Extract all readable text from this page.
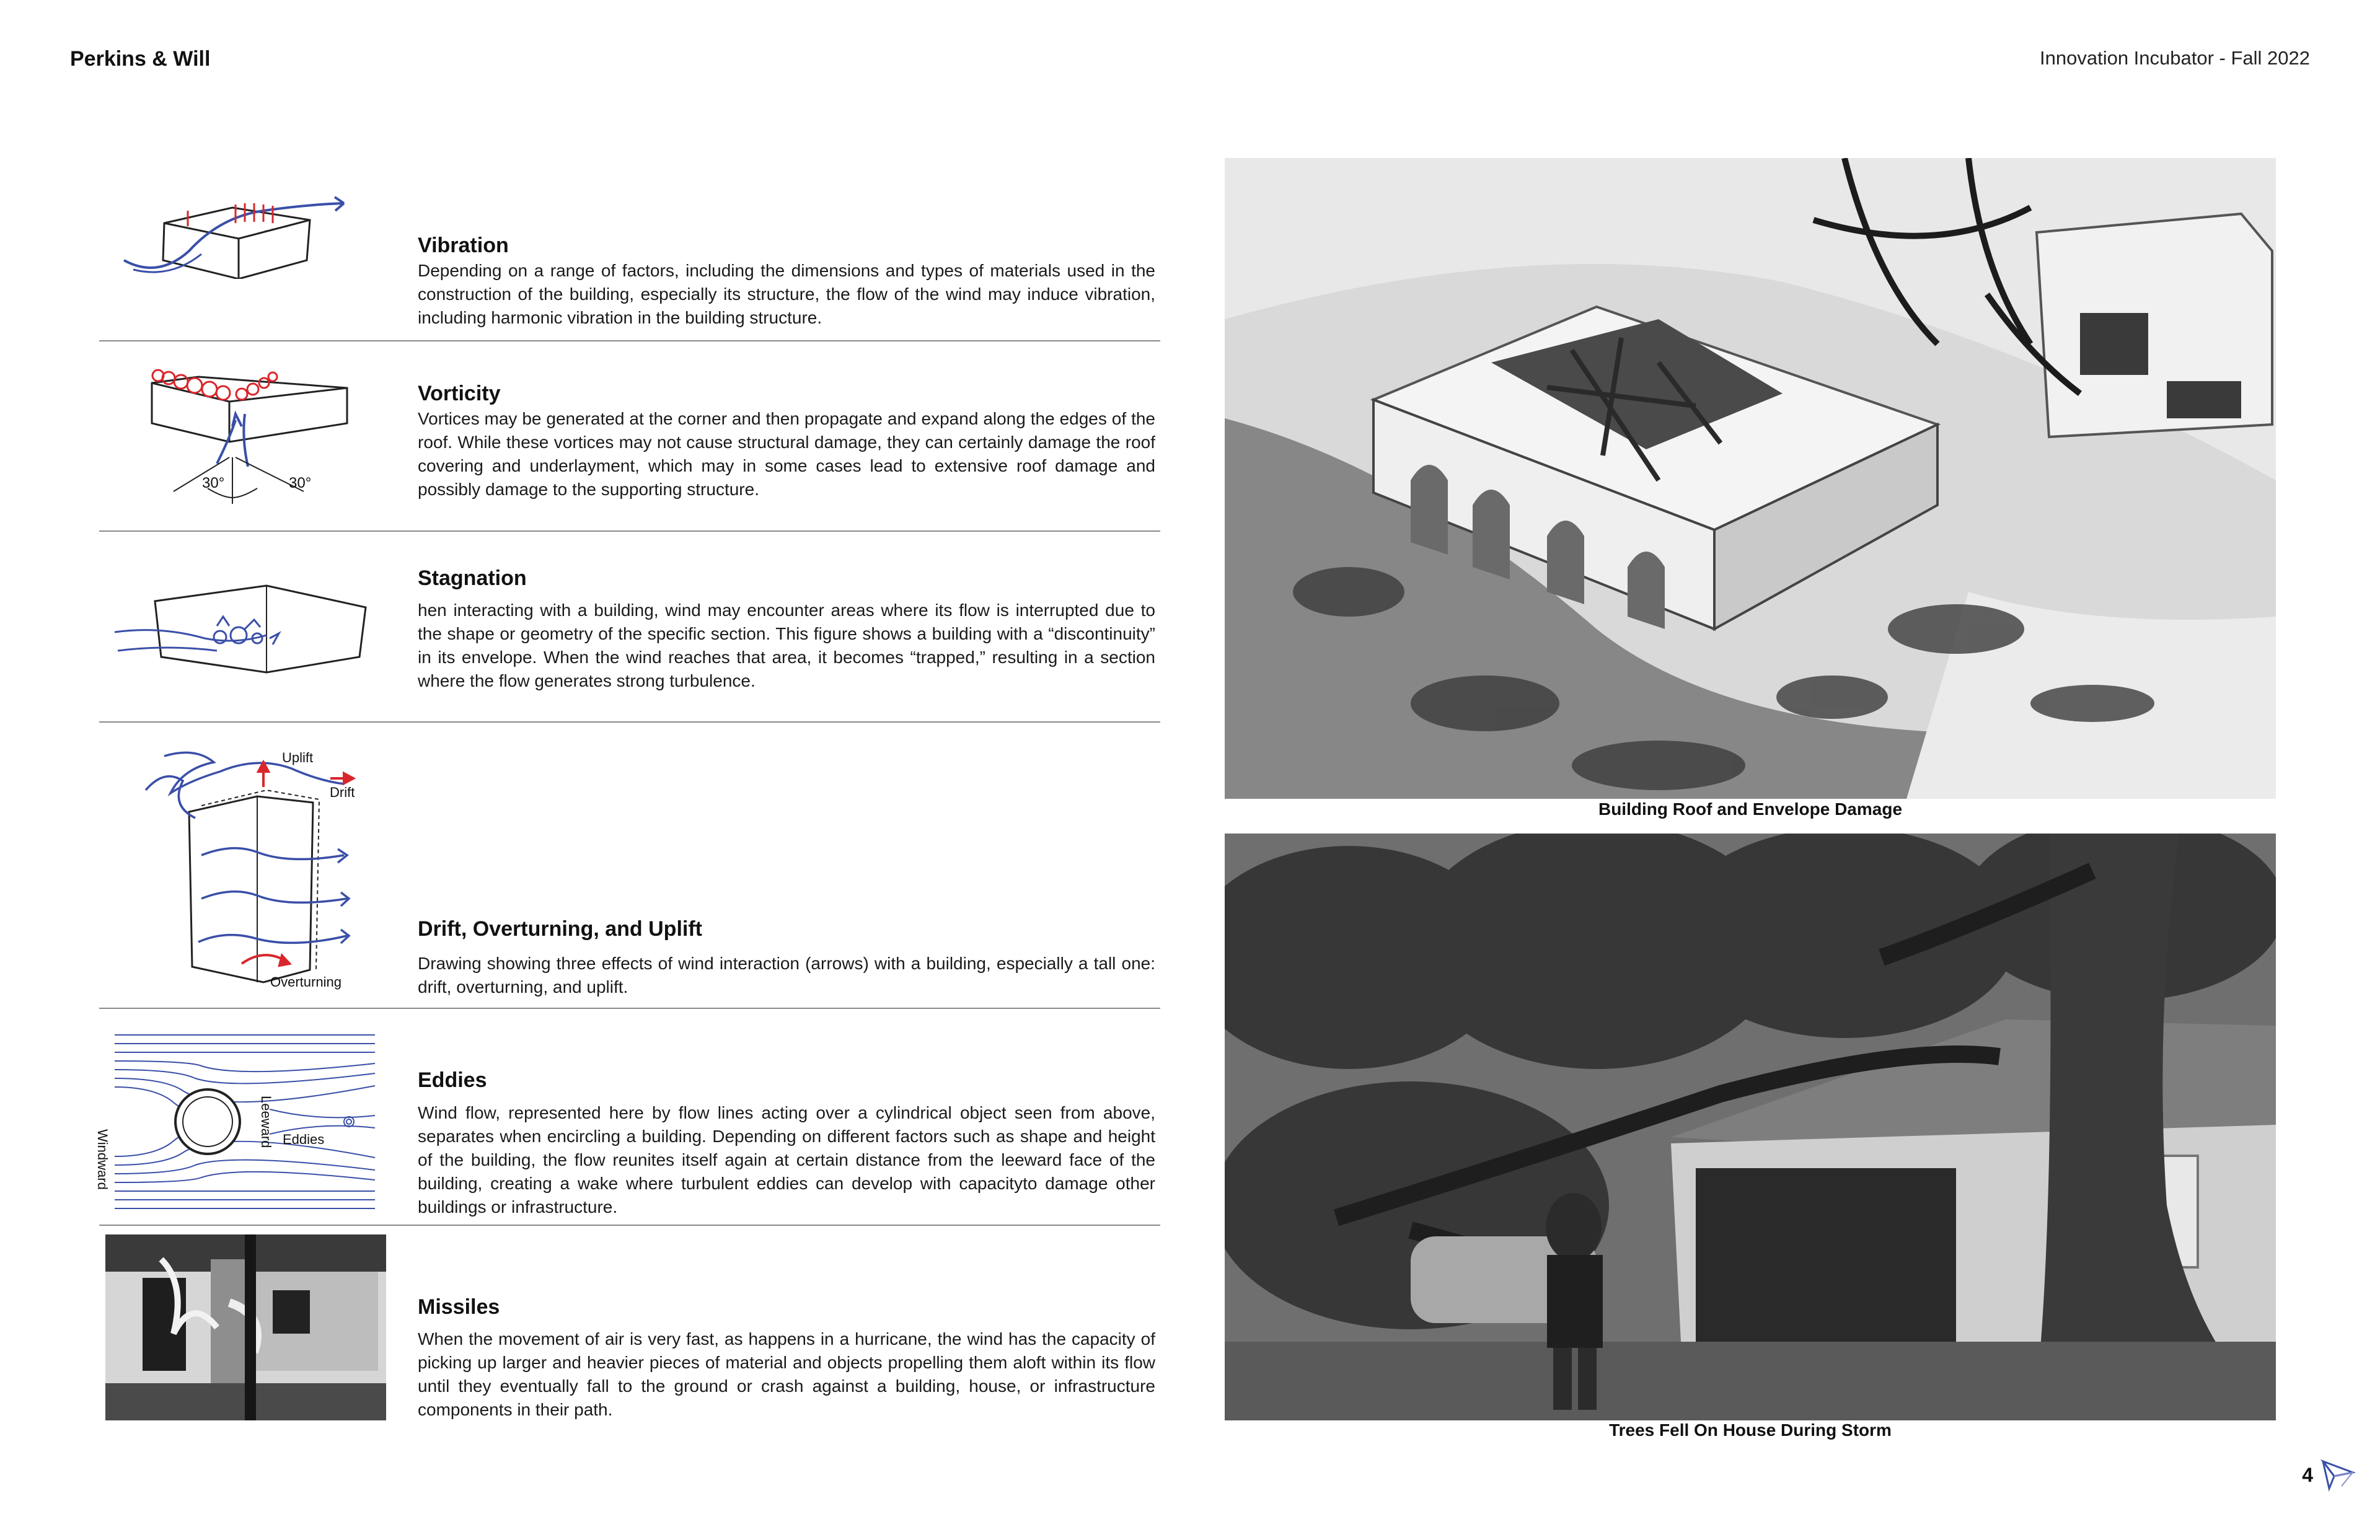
Perkins & Will	Innovation Incubator - Fall 2022
Vibration
Depending on a range of factors, including the dimensions and types of materials used in the construction of the building, especially its structure, the flow of the wind may induce vibration, including harmonic vibration in the building structure.
30°	30°
Vorticity
Vortices may be generated at the corner and then propagate and expand along the edges of the roof. While these vortices may not cause structural damage, they can certainly damage the roof covering and underlayment, which may in some cases lead to extensive roof damage and possibly damage to the supporting structure.
Stagnation
hen interacting with a building, wind may encounter areas where its flow is interrupted due to the shape or geometry of the specific section. This figure shows a building with a “discontinuity” in its envelope. When the wind reaches that area, it becomes “trapped,” resulting in a section where the flow generates strong turbulence.
Uplift
Drift
Overturning
Drift, Overturning, and Uplift
Drawing showing three effects of wind interaction (arrows) with a building, especially a tall one: drift, overturning, and uplift.
Windward
Leeward Eddies
Eddies
Wind flow, represented here by flow lines acting over a cylindrical object seen from above, separates when encircling a building. Depending on different factors such as shape and height of the building, the flow reunites itself again at certain distance from the leeward face of the building, creating a wake where turbulent eddies can develop with capacityto damage other buildings or infrastructure.
Missiles
When the movement of air is very fast, as happens in a hurricane, the wind has the capacity of picking up larger and heavier pieces of material and objects propelling them aloft within its flow until they eventually fall to the ground or crash against a building, house, or infrastructure components in their path.
Building Roof and Envelope Damage
Trees Fell On House During Storm
4
